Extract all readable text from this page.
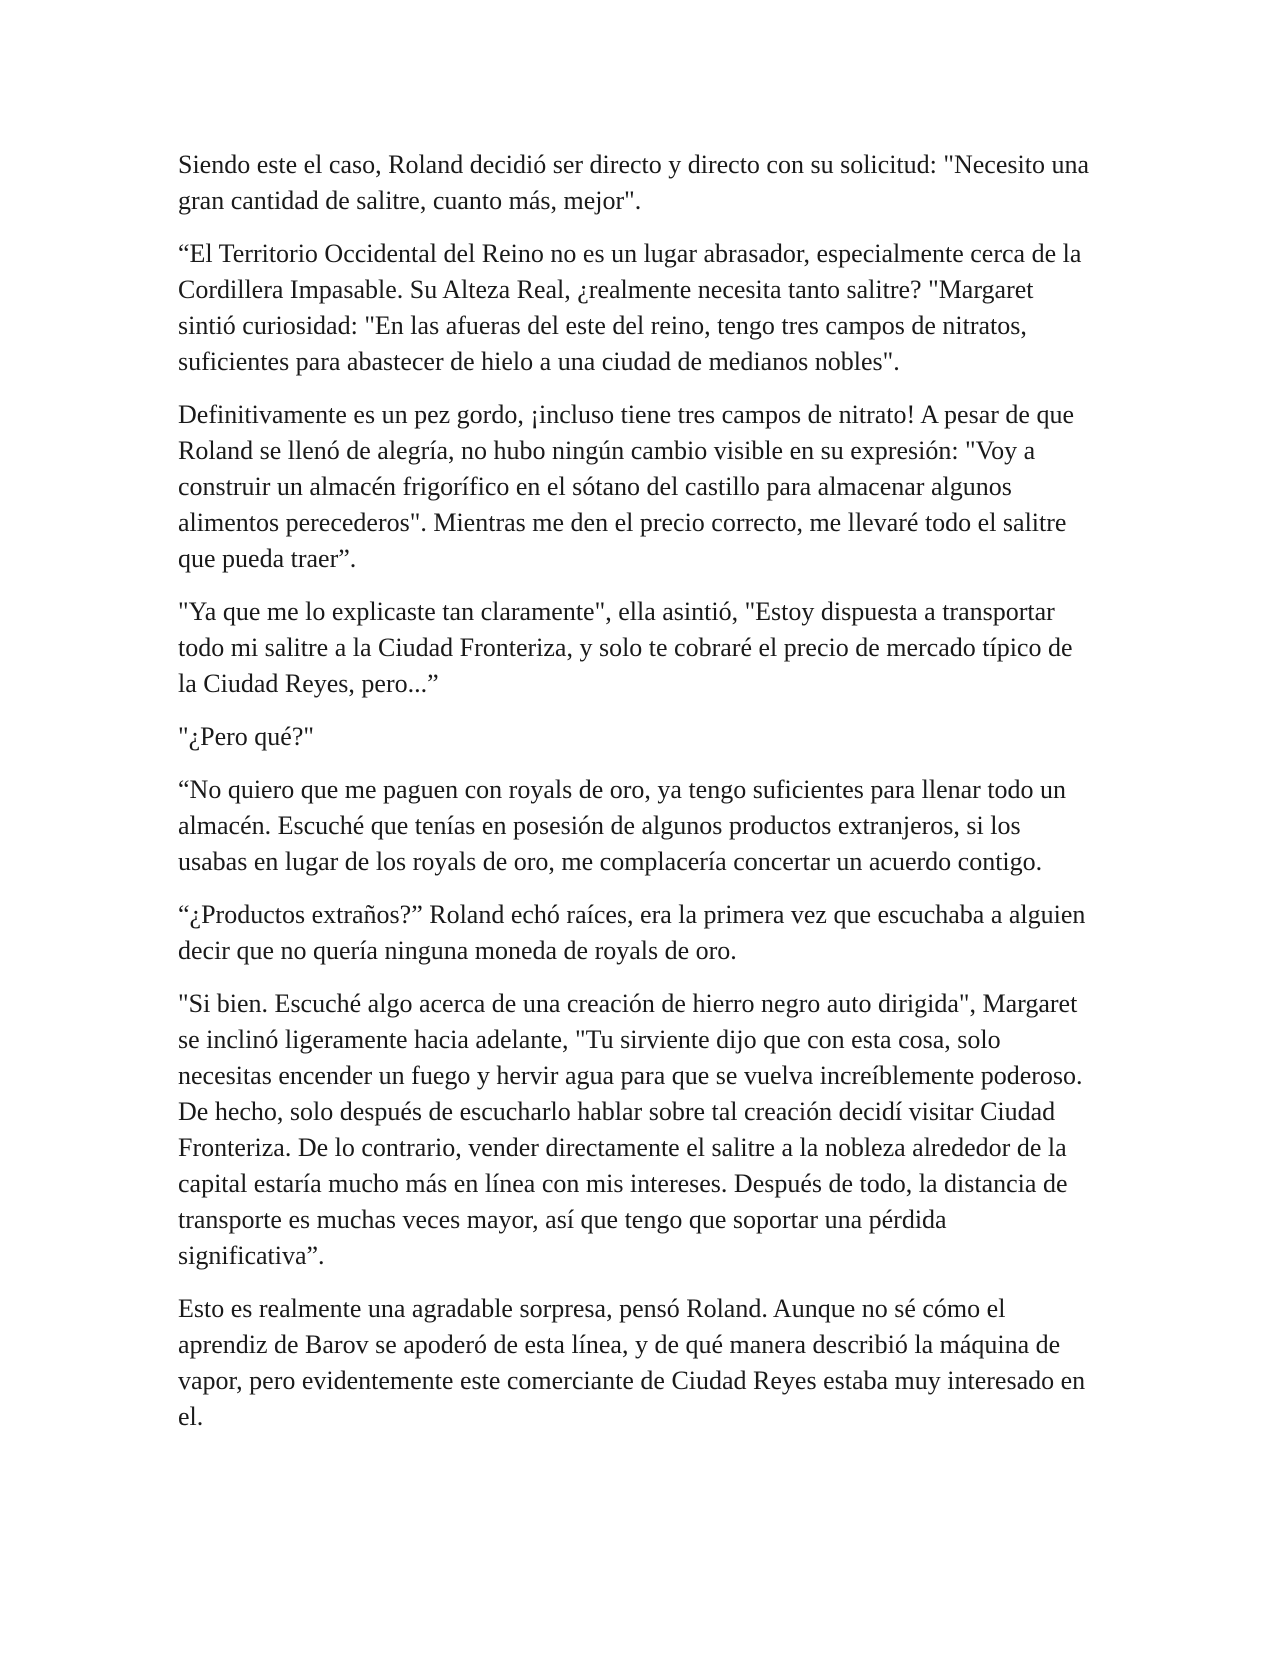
Siendo este el caso, Roland decidió ser directo y directo con su solicitud: "Necesito una gran cantidad de salitre, cuanto más, mejor".

“El Territorio Occidental del Reino no es un lugar abrasador, especialmente cerca de la Cordillera Impasable. Su Alteza Real, ¿realmente necesita tanto salitre? "Margaret sintió curiosidad: "En las afueras del este del reino, tengo tres campos de nitratos, suficientes para abastecer de hielo a una ciudad de medianos nobles".

Definitivamente es un pez gordo, ¡incluso tiene tres campos de nitrato! A pesar de que Roland se llenó de alegría, no hubo ningún cambio visible en su expresión: "Voy a construir un almacén frigorífico en el sótano del castillo para almacenar algunos alimentos perecederos". Mientras me den el precio correcto, me llevaré todo el salitre que pueda traer”.

"Ya que me lo explicaste tan claramente", ella asintió, "Estoy dispuesta a transportar todo mi salitre a la Ciudad Fronteriza, y solo te cobraré el precio de mercado típico de la Ciudad Reyes, pero...”

"¿Pero qué?"

“No quiero que me paguen con royals de oro, ya tengo suficientes para llenar todo un almacén. Escuché que tenías en posesión de algunos productos extranjeros, si los usabas en lugar de los royals de oro, me complacería concertar un acuerdo contigo.

“¿Productos extraños?” Roland echó raíces, era la primera vez que escuchaba a alguien decir que no quería ninguna moneda de royals de oro.

"Si bien. Escuché algo acerca de una creación de hierro negro auto dirigida", Margaret se inclinó ligeramente hacia adelante, "Tu sirviente dijo que con esta cosa, solo necesitas encender un fuego y hervir agua para que se vuelva increíblemente poderoso. De hecho, solo después de escucharlo hablar sobre tal creación decidí visitar Ciudad Fronteriza. De lo contrario, vender directamente el salitre a la nobleza alrededor de la capital estaría mucho más en línea con mis intereses. Después de todo, la distancia de transporte es muchas veces mayor, así que tengo que soportar una pérdida significativa”.

Esto es realmente una agradable sorpresa, pensó Roland. Aunque no sé cómo el aprendiz de Barov se apoderó de esta línea, y de qué manera describió la máquina de vapor, pero evidentemente este comerciante de Ciudad Reyes estaba muy interesado en el.
